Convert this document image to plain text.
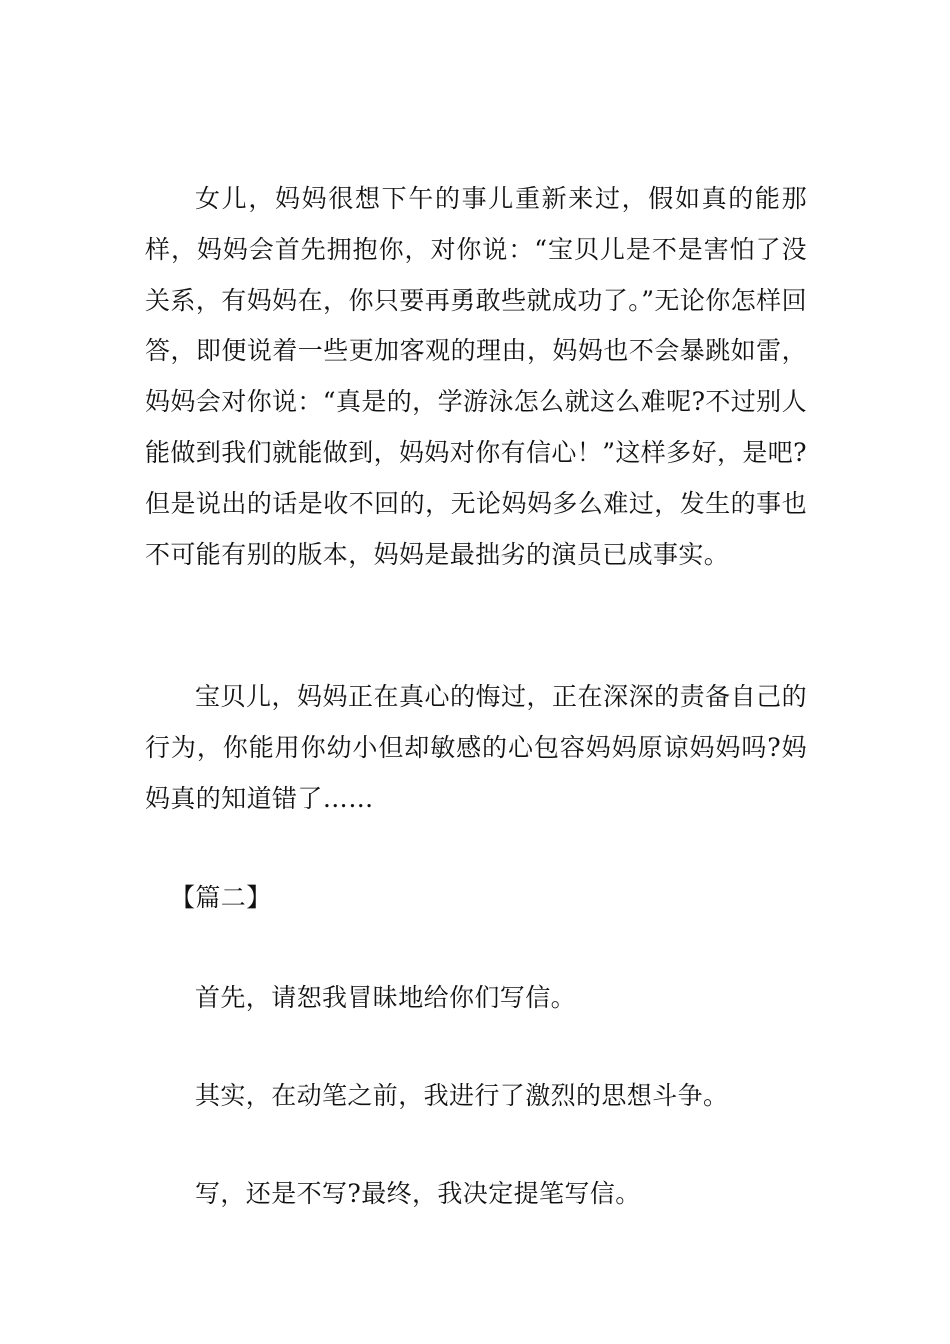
女儿，妈妈很想下午的事儿重新来过，假如真的能那样，妈妈会首先拥抱你，对你说：“宝贝儿是不是害怕了没关系，有妈妈在，你只要再勇敢些就成功了。”无论你怎样回答，即便说着一些更加客观的理由，妈妈也不会暴跳如雷，妈妈会对你说：“真是的，学游泳怎么就这么难呢?不过别人能做到我们就能做到，妈妈对你有信心！”这样多好，是吧?但是说出的话是收不回的，无论妈妈多么难过，发生的事也不可能有别的版本，妈妈是最拙劣的演员已成事实。

宝贝儿，妈妈正在真心的悔过，正在深深的责备自己的行为，你能用你幼小但却敏感的心包容妈妈原谅妈妈吗?妈妈真的知道错了……

【篇二】

首先，请恕我冒昧地给你们写信。

其实，在动笔之前，我进行了激烈的思想斗争。

写，还是不写?最终，我决定提笔写信。
